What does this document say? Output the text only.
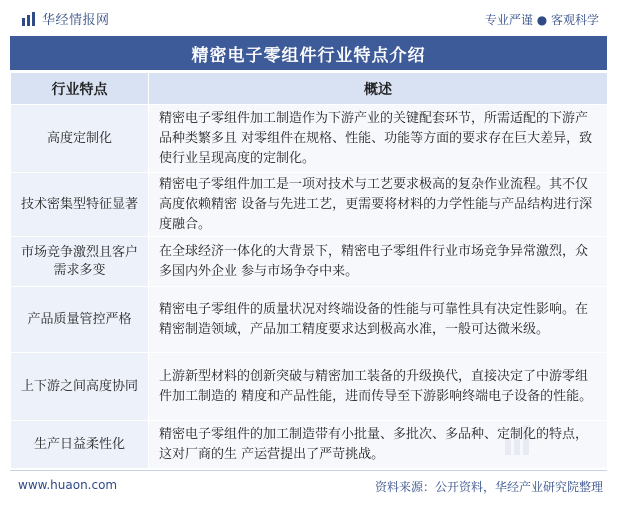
华经情报网	专业严谨 ● 客观科学
精密电子零组件行业特点介绍
行业特点	概述
高度定制化	精密电子零组件加工制造作为下游产业的关键配套环节，所需适配的下游产品种类繁多且 对零组件在规格、性能、功能等方面的要求存在巨大差异，致使行业呈现高度的定制化。
技术密集型特征显著	精密电子零组件加工是一项对技术与工艺要求极高的复杂作业流程。其不仅高度依赖精密 设备与先进工艺，更需要将材料的力学性能与产品结构进行深度融合。
市场竞争激烈且客户需求多变	在全球经济一体化的大背景下，精密电子零组件行业市场竞争异常激烈，众多国内外企业 参与市场争夺中来。
产品质量管控严格	精密电子零组件的质量状况对终端设备的性能与可靠性具有决定性影响。在精密制造领域，产品加工精度要求达到极高水准，一般可达微米级。
上下游之间高度协同	上游新型材料的创新突破与精密加工装备的升级换代，直接决定了中游零组件加工制造的 精度和产品性能，进而传导至下游影响终端电子设备的性能。
生产日益柔性化	精密电子零组件的加工制造带有小批量、多批次、多品种、定制化的特点，这对厂商的生 产运营提出了严苛挑战。
www.huaon.com	资料来源：公开资料，华经产业研究院整理
